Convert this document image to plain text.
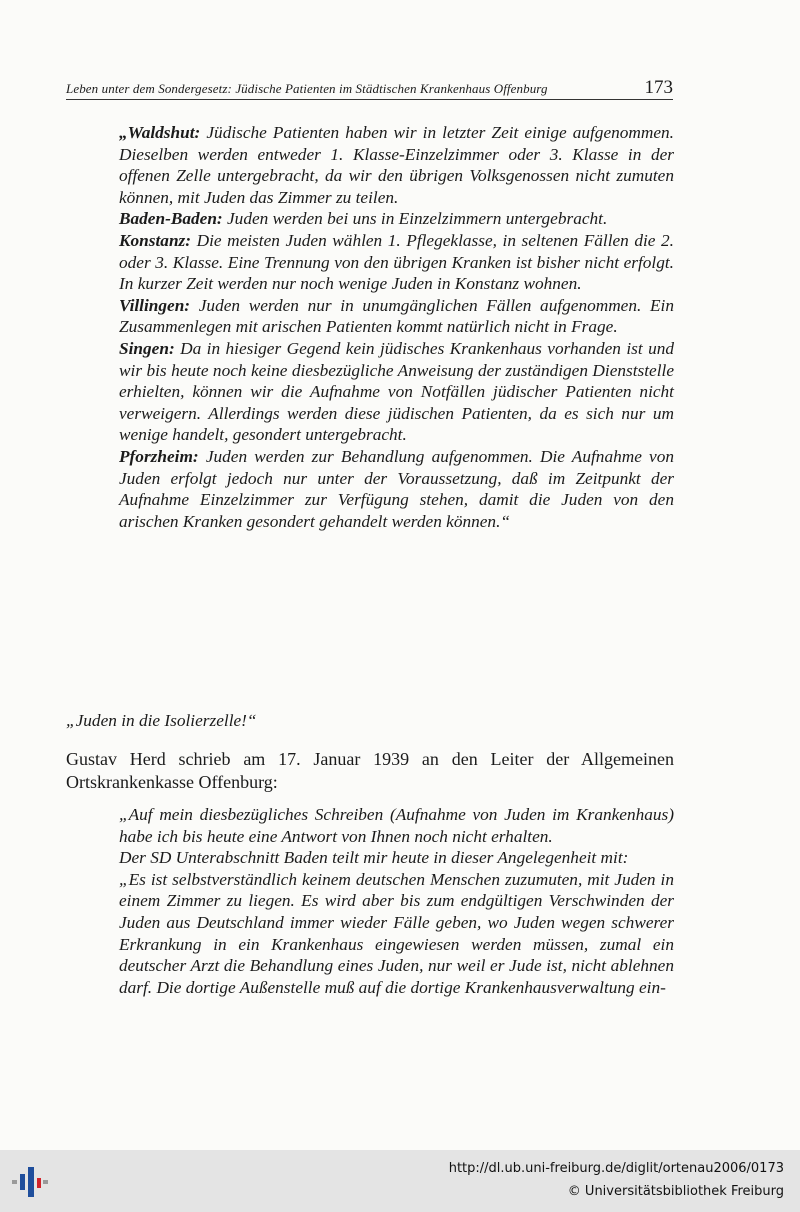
Leben unter dem Sondergesetz: Jüdische Patienten im Städtischen Krankenhaus Offenburg	173

„Waldshut: Jüdische Patienten haben wir in letzter Zeit einige aufgenommen. Dieselben werden entweder 1. Klasse-Einzelzimmer oder 3. Klasse in der offenen Zelle untergebracht, da wir den übrigen Volksgenossen nicht zumuten können, mit Juden das Zimmer zu teilen.

Baden-Baden: Juden werden bei uns in Einzelzimmern untergebracht.

Konstanz: Die meisten Juden wählen 1. Pflegeklasse, in seltenen Fällen die 2. oder 3. Klasse. Eine Trennung von den übrigen Kranken ist bisher nicht erfolgt. In kurzer Zeit werden nur noch wenige Juden in Konstanz wohnen.

Villingen: Juden werden nur in unumgänglichen Fällen aufgenommen. Ein Zusammenlegen mit arischen Patienten kommt natürlich nicht in Frage.

Singen: Da in hiesiger Gegend kein jüdisches Krankenhaus vorhanden ist und wir bis heute noch keine diesbezügliche Anweisung der zuständigen Dienststelle erhielten, können wir die Aufnahme von Notfällen jüdischer Patienten nicht verweigern. Allerdings werden diese jüdischen Patienten, da es sich nur um wenige handelt, gesondert untergebracht.

Pforzheim: Juden werden zur Behandlung aufgenommen. Die Aufnahme von Juden erfolgt jedoch nur unter der Voraussetzung, daß im Zeitpunkt der Aufnahme Einzelzimmer zur Verfügung stehen, damit die Juden von den arischen Kranken gesondert gehandelt werden können.“

„Juden in die Isolierzelle!“

Gustav Herd schrieb am 17. Januar 1939 an den Leiter der Allgemeinen Ortskrankenkasse Offenburg:

„Auf mein diesbezügliches Schreiben (Aufnahme von Juden im Krankenhaus) habe ich bis heute eine Antwort von Ihnen noch nicht erhalten.

Der SD Unterabschnitt Baden teilt mir heute in dieser Angelegenheit mit:

„Es ist selbstverständlich keinem deutschen Menschen zuzumuten, mit Juden in einem Zimmer zu liegen. Es wird aber bis zum endgültigen Verschwinden der Juden aus Deutschland immer wieder Fälle geben, wo Juden wegen schwerer Erkrankung in ein Krankenhaus eingewiesen werden müssen, zumal ein deutscher Arzt die Behandlung eines Juden, nur weil er Jude ist, nicht ablehnen darf. Die dortige Außenstelle muß auf die dortige Krankenhausverwaltung ein-

http://dl.ub.uni-freiburg.de/diglit/ortenau2006/0173
© Universitätsbibliothek Freiburg
